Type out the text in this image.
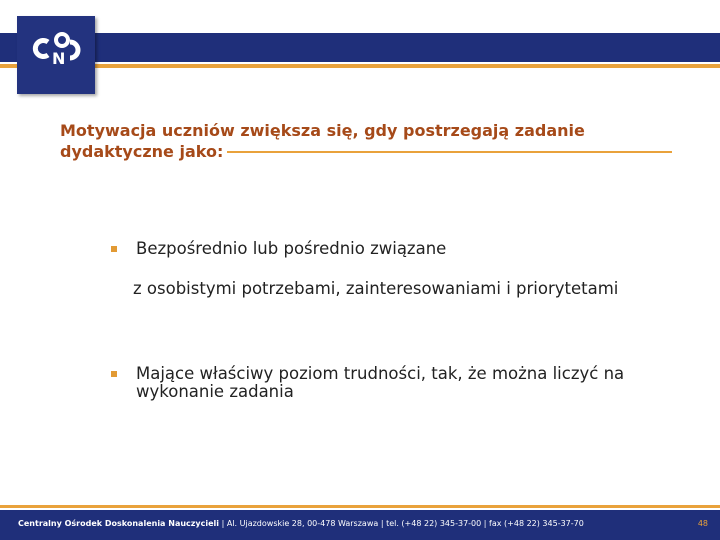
N
Motywacja uczniów zwiększa się, gdy postrzegają zadanie dydaktyczne jako:
Bezpośrednio lub pośrednio związane
z osobistymi potrzebami, zainteresowaniami i priorytetami
Mające właściwy poziom trudności, tak, że można liczyć na wykonanie zadania
Centralny Ośrodek Doskonalenia Nauczycieli | Al. Ujazdowskie 28, 00-478 Warszawa | tel. (+48 22) 345-37-00 | fax (+48 22) 345-37-70	48
